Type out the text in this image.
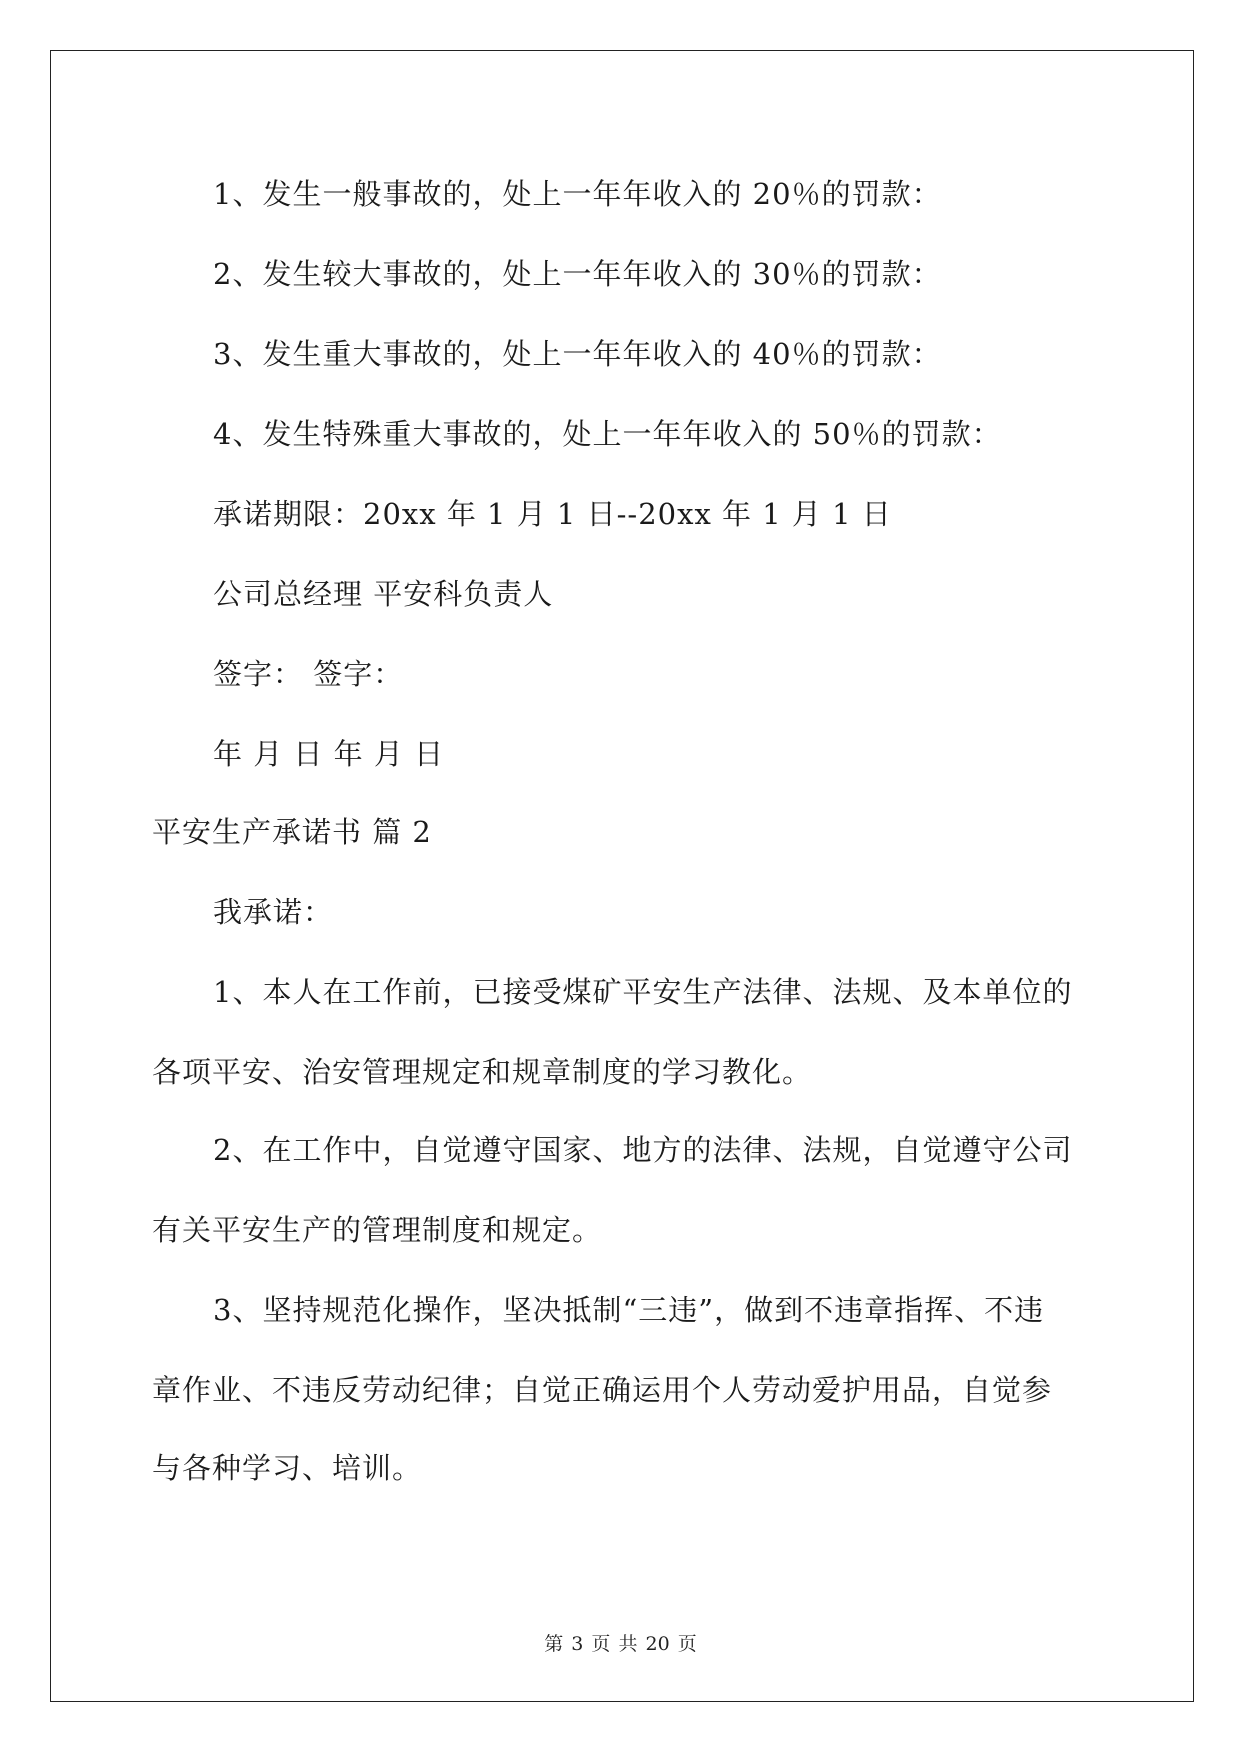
1、发生一般事故的，处上一年年收入的 20％的罚款：
2、发生较大事故的，处上一年年收入的 30％的罚款：
3、发生重大事故的，处上一年年收入的 40％的罚款：
4、发生特殊重大事故的，处上一年年收入的 50％的罚款：
承诺期限：20xx 年 1 月 1 日--20xx 年 1 月 1 日
公司总经理 平安科负责人
签字： 签字：
年 月 日 年 月 日
平安生产承诺书 篇 2
我承诺：
1、本人在工作前，已接受煤矿平安生产法律、法规、及本单位的
各项平安、治安管理规定和规章制度的学习教化。
2、在工作中，自觉遵守国家、地方的法律、法规，自觉遵守公司
有关平安生产的管理制度和规定。
3、坚持规范化操作，坚决抵制“三违”，做到不违章指挥、不违
章作业、不违反劳动纪律；自觉正确运用个人劳动爱护用品，自觉参
与各种学习、培训。
第 3 页 共 20 页
